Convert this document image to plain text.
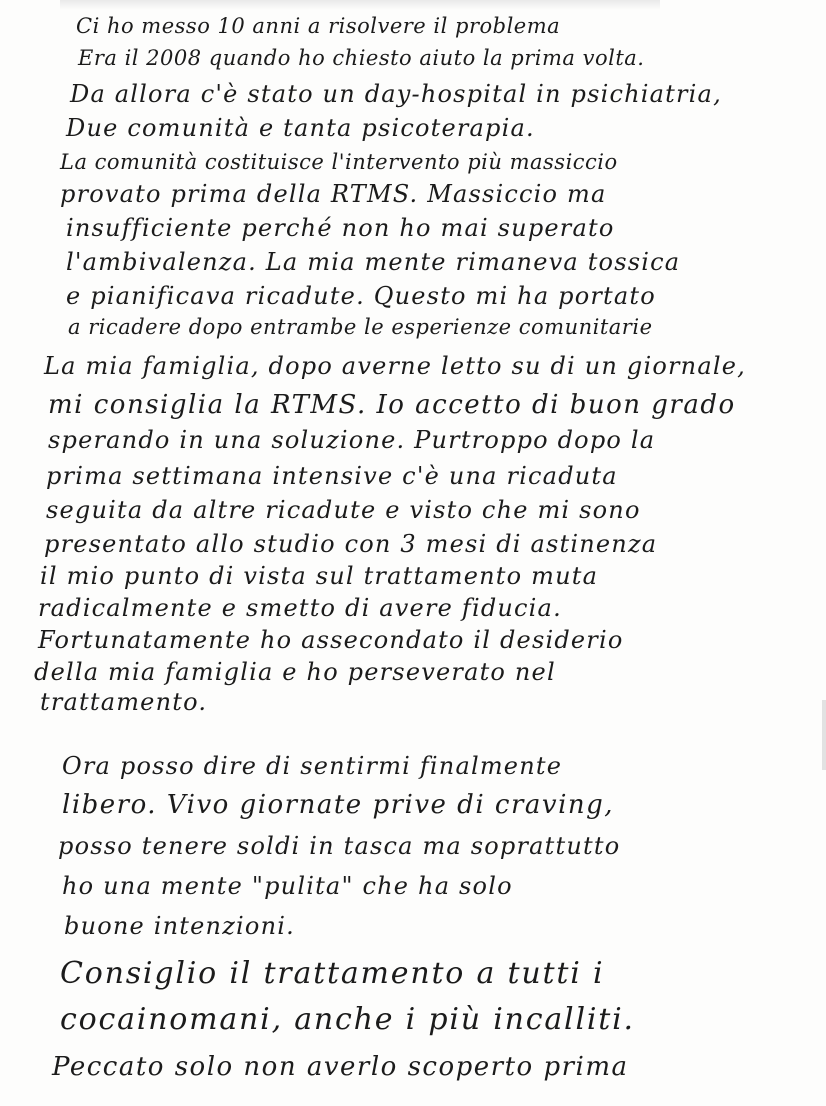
Ci ho messo 10 anni a risolvere il problema
Era il 2008 quando ho chiesto aiuto la prima volta.
Da allora c'è stato un day-hospital in psichiatria,
Due comunità e tanta psicoterapia.
La comunità costituisce l'intervento più massiccio
provato prima della RTMS. Massiccio ma
insufficiente perché non ho mai superato
l'ambivalenza. La mia mente rimaneva tossica
e pianificava ricadute. Questo mi ha portato
a ricadere dopo entrambe le esperienze comunitarie
La mia famiglia, dopo averne letto su di un giornale,
mi consiglia la RTMS. Io accetto di buon grado
sperando in una soluzione. Purtroppo dopo la
prima settimana intensive c'è una ricaduta
seguita da altre ricadute e visto che mi sono
presentato allo studio con 3 mesi di astinenza
il mio punto di vista sul trattamento muta
radicalmente e smetto di avere fiducia.
Fortunatamente ho assecondato il desiderio
della mia famiglia e ho perseverato nel
trattamento.
Ora posso dire di sentirmi finalmente
libero. Vivo giornate prive di craving,
posso tenere soldi in tasca ma soprattutto
ho una mente "pulita" che ha solo
buone intenzioni.
Consiglio il trattamento a tutti i
cocainomani, anche i più incalliti.
Peccato solo non averlo scoperto prima
